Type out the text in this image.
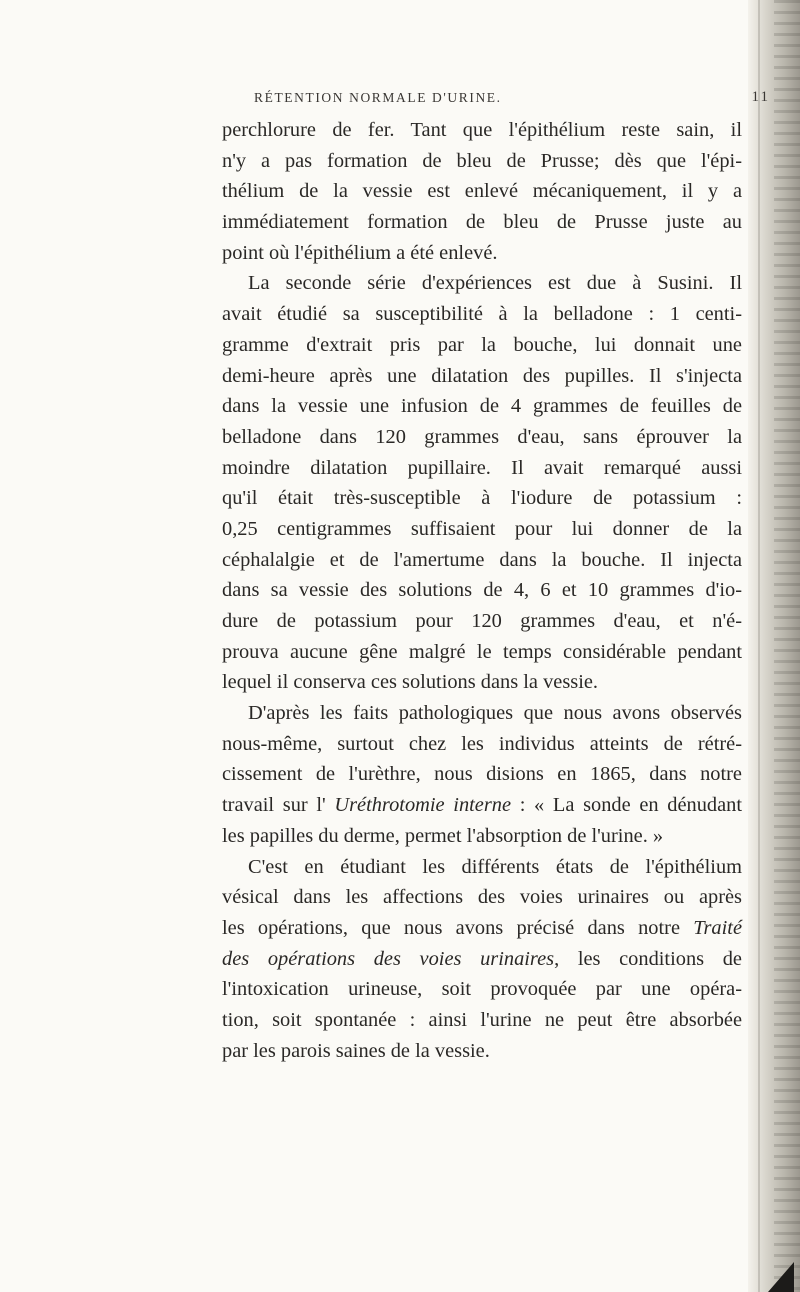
RÉTENTION NORMALE D'URINE.	11
perchlorure de fer. Tant que l'épithélium reste sain, il
n'y a pas formation de bleu de Prusse; dès que l'épi-
thélium de la vessie est enlevé mécaniquement, il y a
immédiatement formation de bleu de Prusse juste au
point où l'épithélium a été enlevé.
La seconde série d'expériences est due à Susini. Il
avait étudié sa susceptibilité à la belladone : 1 centi-
gramme d'extrait pris par la bouche, lui donnait une
demi-heure après une dilatation des pupilles. Il s'injecta
dans la vessie une infusion de 4 grammes de feuilles de
belladone dans 120 grammes d'eau, sans éprouver la
moindre dilatation pupillaire. Il avait remarqué aussi
qu'il était très-susceptible à l'iodure de potassium :
0,25 centigrammes suffisaient pour lui donner de la
céphalalgie et de l'amertume dans la bouche. Il injecta
dans sa vessie des solutions de 4, 6 et 10 grammes d'io-
dure de potassium pour 120 grammes d'eau, et n'é-
prouva aucune gêne malgré le temps considérable pendant
lequel il conserva ces solutions dans la vessie.
D'après les faits pathologiques que nous avons observés
nous-même, surtout chez les individus atteints de rétré-
cissement de l'urèthre, nous disions en 1865, dans notre
travail sur l' Uréthrotomie interne : « La sonde en dénudant
les papilles du derme, permet l'absorption de l'urine. »
C'est en étudiant les différents états de l'épithélium
vésical dans les affections des voies urinaires ou après
les opérations, que nous avons précisé dans notre Traité
des opérations des voies urinaires, les conditions de
l'intoxication urineuse, soit provoquée par une opéra-
tion, soit spontanée : ainsi l'urine ne peut être absorbée
par les parois saines de la vessie.
